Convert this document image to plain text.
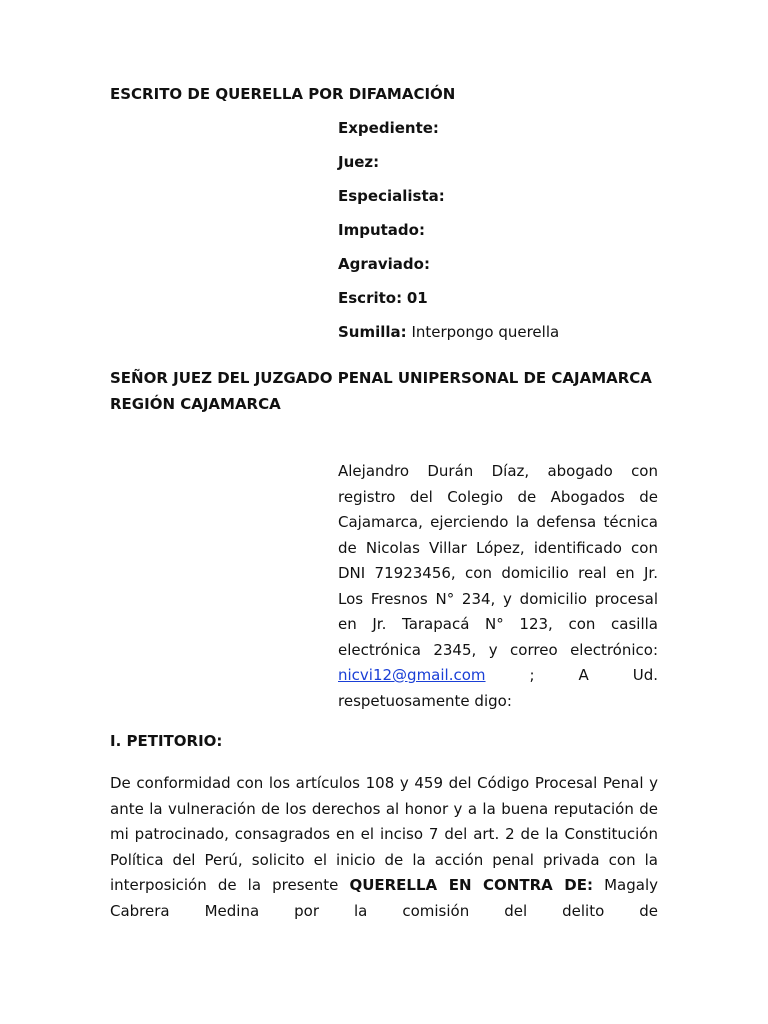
ESCRITO DE QUERELLA POR DIFAMACIÓN
Expediente:
Juez:
Especialista:
Imputado:
Agraviado:
Escrito: 01
Sumilla: Interpongo querella
SEÑOR JUEZ DEL JUZGADO PENAL UNIPERSONAL DE CAJAMARCA
REGIÓN CAJAMARCA
Alejandro Durán Díaz, abogado con registro del Colegio de Abogados de Cajamarca, ejerciendo la defensa técnica de Nicolas Villar López, identificado con DNI 71923456, con domicilio real en Jr. Los Fresnos N° 234, y domicilio procesal en Jr. Tarapacá N° 123, con casilla electrónica 2345, y correo electrónico: nicvi12@gmail.com ; A Ud. respetuosamente digo:
I. PETITORIO:
De conformidad con los artículos 108 y 459 del Código Procesal Penal y ante la vulneración de los derechos al honor y a la buena reputación de mi patrocinado, consagrados en el inciso 7 del art. 2 de la Constitución Política del Perú, solicito el inicio de la acción penal privada con la interposición de la presente QUERELLA EN CONTRA DE: Magaly Cabrera Medina por la comisión del delito de
